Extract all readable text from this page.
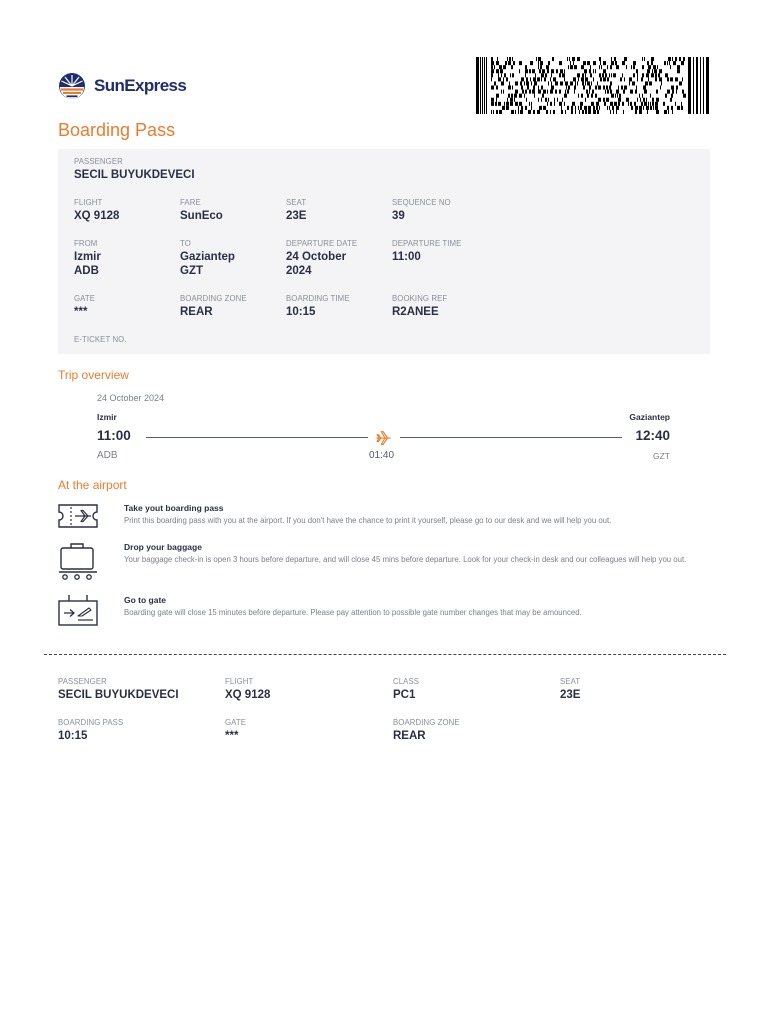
SunExpress
Boarding Pass
PASSENGER
SECIL BUYUKDEVECI
FLIGHT
XQ 9128
FARE
SunEco
SEAT
23E
SEQUENCE NO
39
FROM
Izmir
ADB
TO
Gaziantep
GZT
DEPARTURE DATE
24 October
2024
DEPARTURE TIME
11:00
GATE
***
BOARDING ZONE
REAR
BOARDING TIME
10:15
BOOKING REF
R2ANEE
E-TICKET NO.
Trip overview
24 October 2024
Izmir	Gaziantep
11:00	12:40
ADB	01:40	GZT
At the airport
Take yout boarding pass
Print this boarding pass with you at the airport. If you don't have the chance to print it yourself, please go to our desk and we will help you out.
Drop your baggage
Your baggage check-in is open 3 hours before departure, and will close 45 mins before departure. Look for your check-in desk and our colleagues will help you out.
Go to gate
Boarding gate will close 15 minutes before departure. Please pay attention to possible gate number changes that may be amounced.
PASSENGER
SECIL BUYUKDEVECI
FLIGHT
XQ 9128
CLASS
PC1
SEAT
23E
BOARDING PASS
10:15
GATE
***
BOARDING ZONE
REAR
